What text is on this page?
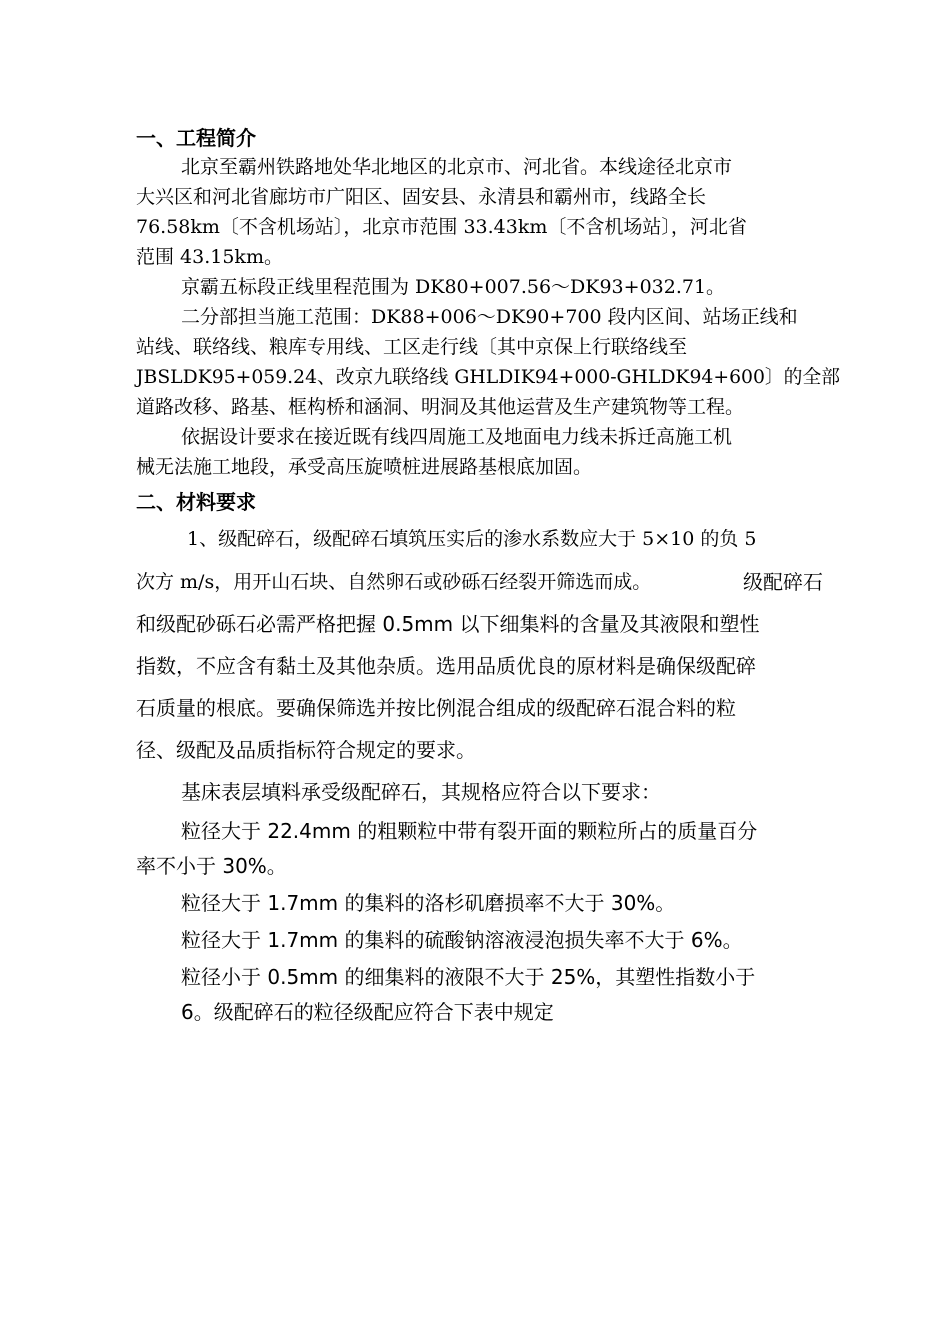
一、工程简介
北京至霸州铁路地处华北地区的北京市、河北省。本线途径北京市
大兴区和河北省廊坊市广阳区、固安县、永清县和霸州市，线路全长
76.58km〔不含机场站〕，北京市范围 33.43km〔不含机场站〕，河北省
范围 43.15km。
京霸五标段正线里程范围为 DK80+007.56～DK93+032.71。
二分部担当施工范围：DK88+006～DK90+700 段内区间、站场正线和
站线、联络线、粮库专用线、工区走行线〔其中京保上行联络线至
JBSLDK95+059.24、改京九联络线 GHLDIK94+000-GHLDK94+600〕的全部
道路改移、路基、框构桥和涵洞、明洞及其他运营及生产建筑物等工程。
依据设计要求在接近既有线四周施工及地面电力线未拆迁高施工机
械无法施工地段，承受高压旋喷桩进展路基根底加固。
二、材料要求
1、级配碎石，级配碎石填筑压实后的渗水系数应大于 5×10 的负 5
次方 m/s，用开山石块、自然卵石或砂砾石经裂开筛选而成。	级配碎石
和级配砂砾石必需严格把握 0.5mm 以下细集料的含量及其液限和塑性
指数，不应含有黏土及其他杂质。选用品质优良的原材料是确保级配碎
石质量的根底。要确保筛选并按比例混合组成的级配碎石混合料的粒
径、级配及品质指标符合规定的要求。
基床表层填料承受级配碎石，其规格应符合以下要求：
粒径大于 22.4mm 的粗颗粒中带有裂开面的颗粒所占的质量百分
率不小于 30%。
粒径大于 1.7mm 的集料的洛杉矶磨损率不大于 30%。
粒径大于 1.7mm 的集料的硫酸钠溶液浸泡损失率不大于 6%。
粒径小于 0.5mm 的细集料的液限不大于 25%，其塑性指数小于
6。级配碎石的粒径级配应符合下表中规定
